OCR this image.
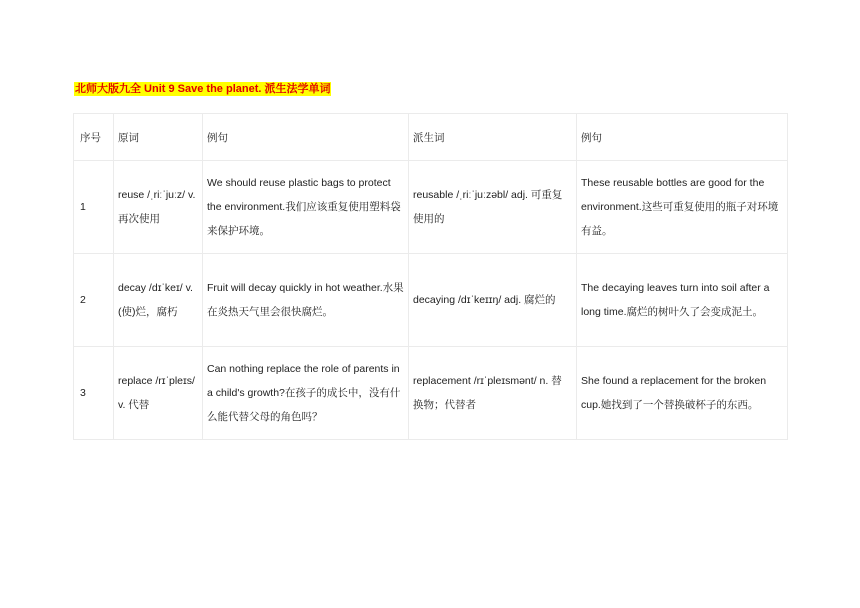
北师大版九全 Unit 9 Save the planet. 派生法学单词
序号	原词	例句	派生词	例句
1	reuse /ˌriːˈjuːz/ v. 再次使用	We should reuse plastic bags to protect the environment.我们应该重复使用塑料袋来保护环境。	reusable /ˌriːˈjuːzəbl/ adj. 可重复使用的	These reusable bottles are good for the environment.这些可重复使用的瓶子对环境有益。
2	decay /dɪˈkeɪ/ v. (使)烂，腐朽	Fruit will decay quickly in hot weather.水果在炎热天气里会很快腐烂。	decaying /dɪˈkeɪɪŋ/ adj. 腐烂的	The decaying leaves turn into soil after a long time.腐烂的树叶久了会变成泥土。
3	replace /rɪˈpleɪs/ v. 代替	Can nothing replace the role of parents in a child's growth?在孩子的成长中，没有什么能代替父母的角色吗？	replacement /rɪˈpleɪsmənt/ n. 替换物；代替者	She found a replacement for the broken cup.她找到了一个替换破杯子的东西。
